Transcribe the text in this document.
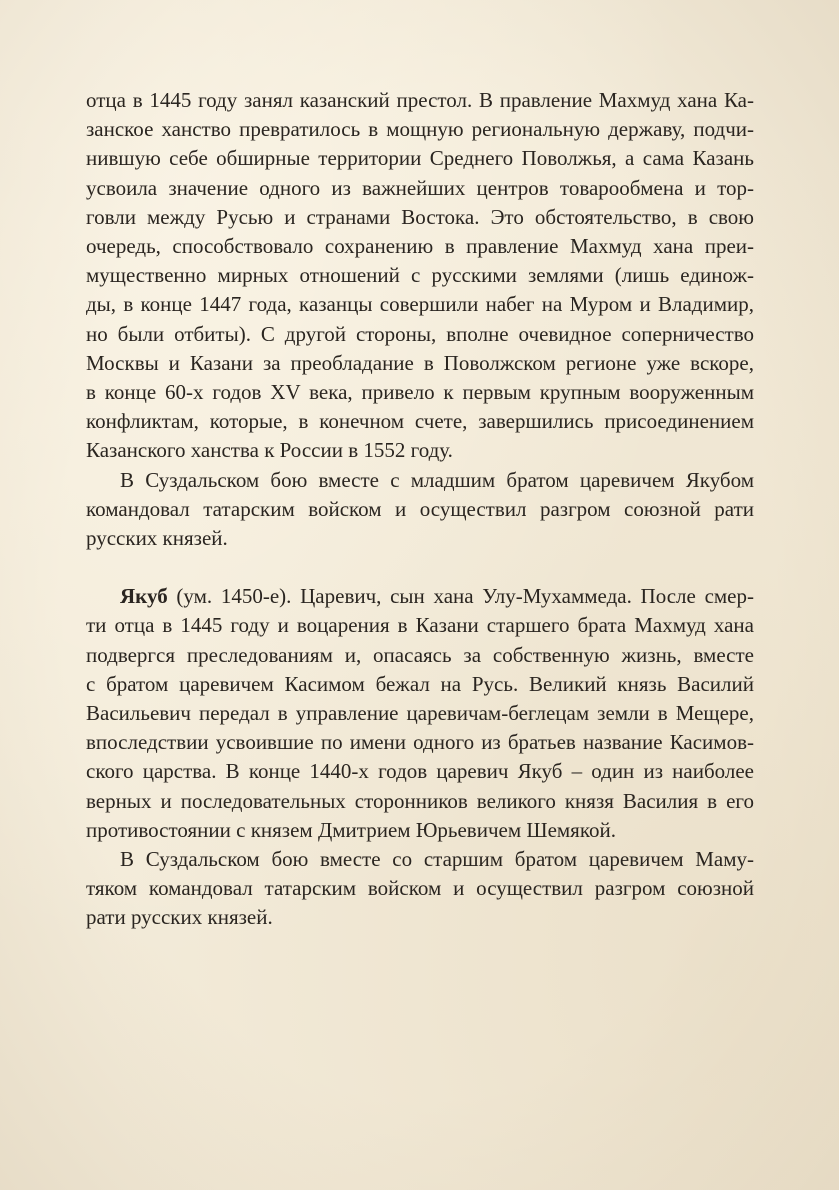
отца в 1445 году занял казанский престол. В правление Махмуд хана Ка-
занское ханство превратилось в мощную региональную державу, подчи-
нившую себе обширные территории Среднего Поволжья, а сама Казань
усвоила значение одного из важнейших центров товарообмена и тор-
говли между Русью и странами Востока. Это обстоятельство, в свою
очередь, способствовало сохранению в правление Махмуд хана преи-
мущественно мирных отношений с русскими землями (лишь единож-
ды, в конце 1447 года, казанцы совершили набег на Муром и Владимир,
но были отбиты). С другой стороны, вполне очевидное соперничество
Москвы и Казани за преобладание в Поволжском регионе уже вскоре,
в конце 60-х годов XV века, привело к первым крупным вооруженным
конфликтам, которые, в конечном счете, завершились присоединением
Казанского ханства к России в 1552 году.
В Суздальском бою вместе с младшим братом царевичем Якубом
командовал татарским войском и осуществил разгром союзной рати
русских князей.
Якуб (ум. 1450-е). Царевич, сын хана Улу-Мухаммеда. После смер-
ти отца в 1445 году и воцарения в Казани старшего брата Махмуд хана
подвергся преследованиям и, опасаясь за собственную жизнь, вместе
с братом царевичем Касимом бежал на Русь. Великий князь Василий
Васильевич передал в управление царевичам-беглецам земли в Мещере,
впоследствии усвоившие по имени одного из братьев название Касимов-
ского царства. В конце 1440-х годов царевич Якуб – один из наиболее
верных и последовательных сторонников великого князя Василия в его
противостоянии с князем Дмитрием Юрьевичем Шемякой.
В Суздальском бою вместе со старшим братом царевичем Маму-
тяком командовал татарским войском и осуществил разгром союзной
рати русских князей.
